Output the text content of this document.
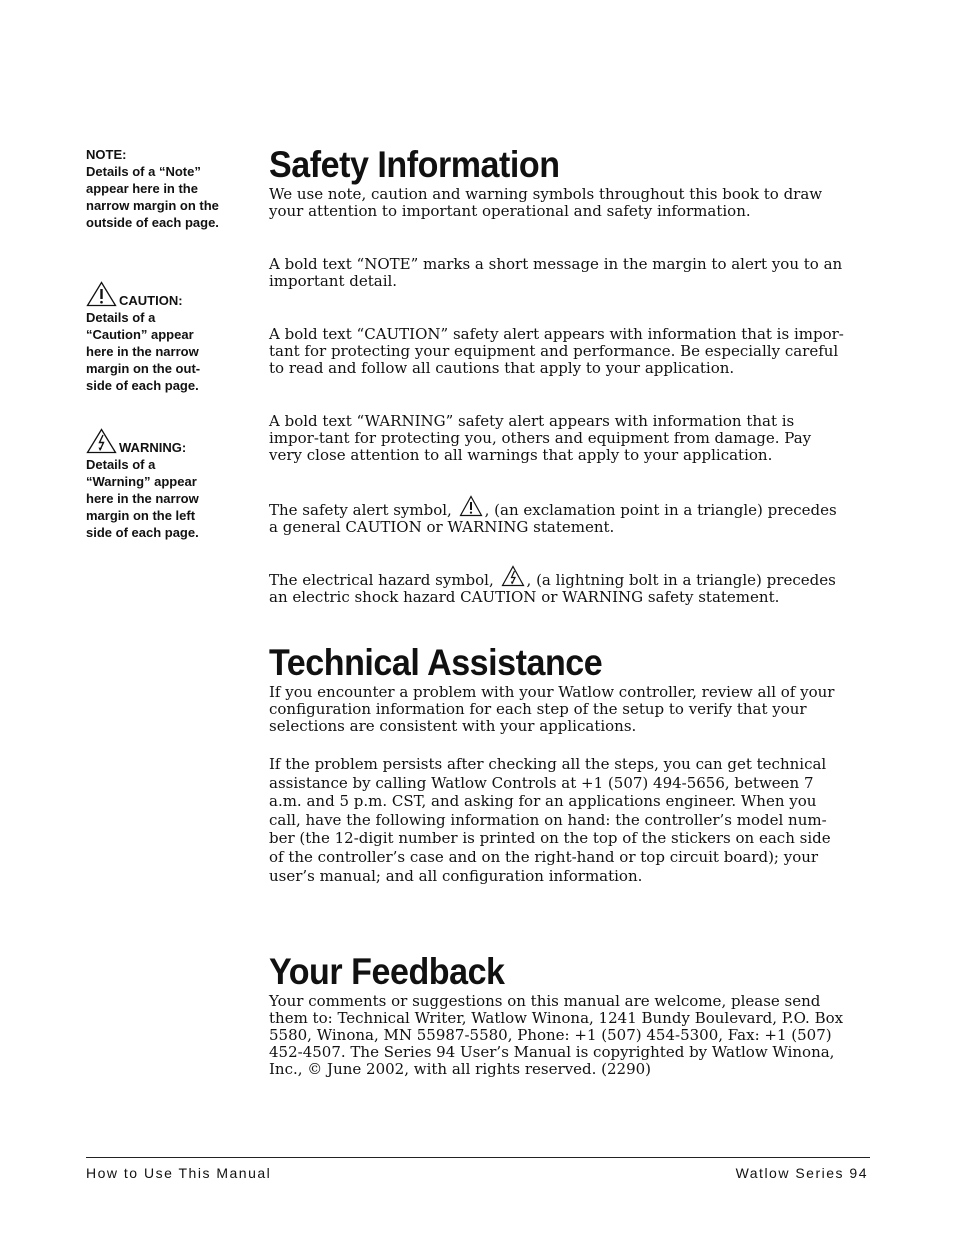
NOTE:
Details of a “Note” appear here in the narrow margin on the outside of each page.
CAUTION:
Details of a “Caution” appear here in the narrow margin on the out-side of each page.
WARNING:
Details of a “Warning” appear here in the narrow margin on the left side of each page.
Safety Information
We use note, caution and warning symbols throughout this book to draw your attention to important operational and safety information.
A bold text “NOTE” marks a short message in the margin to alert you to an important detail.
A bold text “CAUTION” safety alert appears with information that is impor-tant for protecting your equipment and performance. Be especially careful to read and follow all cautions that apply to your application.
A bold text “WARNING” safety alert appears with information that is impor-tant for protecting you, others and equipment from damage. Pay very close attention to all warnings that apply to your application.
The safety alert symbol, , (an exclamation point in a triangle) precedes a general CAUTION or WARNING statement.
The electrical hazard symbol, , (a lightning bolt in a triangle) precedes an electric shock hazard CAUTION or WARNING safety statement.
Technical Assistance
If you encounter a problem with your Watlow controller, review all of your configuration information for each step of the setup to verify that your selections are consistent with your applications.
If the problem persists after checking all the steps, you can get technical assistance by calling Watlow Controls at +1 (507) 494-5656, between 7 a.m. and 5 p.m. CST, and asking for an applications engineer. When you call, have the following information on hand: the controller’s model num-ber (the 12-digit number is printed on the top of the stickers on each side of the controller’s case and on the right-hand or top circuit board); your user’s manual; and all configuration information.
Your Feedback
Your comments or suggestions on this manual are welcome, please send them to: Technical Writer, Watlow Winona, 1241 Bundy Boulevard, P.O. Box 5580, Winona, MN 55987-5580, Phone: +1 (507) 454-5300, Fax: +1 (507) 452-4507. The Series 94 User’s Manual is copyrighted by Watlow Winona, Inc., © June 2002, with all rights reserved. (2290)
How to Use This Manual	Watlow Series 94
